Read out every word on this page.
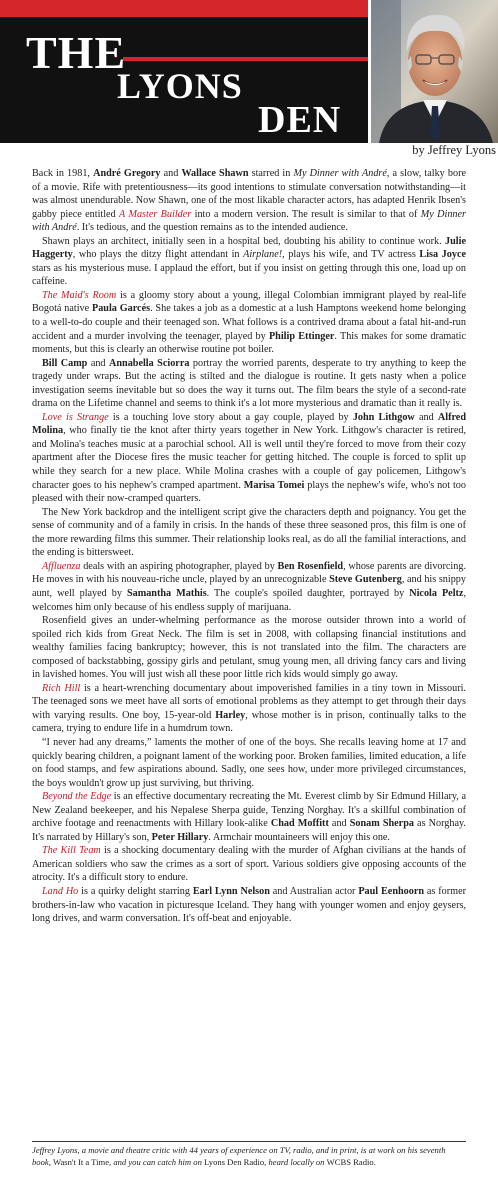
THE
LYONS
DEN
by Jeffrey Lyons

Back in 1981, André Gregory and Wallace Shawn starred in My Dinner with André, a slow, talky bore of a movie. Rife with pretentiousness—its good intentions to stimulate conversation notwithstanding—it was almost unendurable. Now Shawn, one of the most likable character actors, has adapted Henrik Ibsen's gabby piece entitled A Master Builder into a modern version. The result is similar to that of My Dinner with André. It's tedious, and the question remains as to the intended audience.

Shawn plays an architect, initially seen in a hospital bed, doubting his ability to continue work. Julie Haggerty, who plays the ditzy flight attendant in Airplane!, plays his wife, and TV actress Lisa Joyce stars as his mysterious muse. I applaud the effort, but if you insist on getting through this one, load up on caffeine.

The Maid's Room is a gloomy story about a young, illegal Colombian immigrant played by real-life Bogotá native Paula Garcés. She takes a job as a domestic at a lush Hamptons weekend home belonging to a well-to-do couple and their teenaged son. What follows is a contrived drama about a fatal hit-and-run accident and a murder involving the teenager, played by Philip Ettinger. This makes for some dramatic moments, but this is clearly an otherwise routine pot boiler.

Bill Camp and Annabella Sciorra portray the worried parents, desperate to try anything to keep the tragedy under wraps. But the acting is stilted and the dialogue is routine. It gets nasty when a police investigation seems inevitable but so does the way it turns out. The film bears the style of a second-rate drama on the Lifetime channel and seems to think it's a lot more mysterious and dramatic than it really is.

Love is Strange is a touching love story about a gay couple, played by John Lithgow and Alfred Molina, who finally tie the knot after thirty years together in New York. Lithgow's character is retired, and Molina's teaches music at a parochial school. All is well until they're forced to move from their cozy apartment after the Diocese fires the music teacher for getting hitched. The couple is forced to split up while they search for a new place. While Molina crashes with a couple of gay policemen, Lithgow's character goes to his nephew's cramped apartment. Marisa Tomei plays the nephew's wife, who's not too pleased with their now-cramped quarters.

The New York backdrop and the intelligent script give the characters depth and poignancy. You get the sense of community and of a family in crisis. In the hands of these three seasoned pros, this film is one of the more rewarding films this summer. Their relationship looks real, as do all the familial interactions, and the ending is bittersweet.

Affluenza deals with an aspiring photographer, played by Ben Rosenfield, whose parents are divorcing. He moves in with his nouveau-riche uncle, played by an unrecognizable Steve Gutenberg, and his snippy aunt, well played by Samantha Mathis. The couple's spoiled daughter, portrayed by Nicola Peltz, welcomes him only because of his endless supply of marijuana.

Rosenfield gives an under-whelming performance as the morose outsider thrown into a world of spoiled rich kids from Great Neck. The film is set in 2008, with collapsing financial institutions and wealthy families facing bankruptcy; however, this is not translated into the film. The characters are composed of backstabbing, gossipy girls and petulant, smug young men, all driving fancy cars and living in lavished homes. You will just wish all these poor little rich kids would simply go away.

Rich Hill is a heart-wrenching documentary about impoverished families in a tiny town in Missouri. The teenaged sons we meet have all sorts of emotional problems as they attempt to get through their days with varying results. One boy, 15-year-old Harley, whose mother is in prison, continually talks to the camera, trying to endure life in a humdrum town.

“I never had any dreams,” laments the mother of one of the boys. She recalls leaving home at 17 and quickly bearing children, a poignant lament of the working poor. Broken families, limited education, a life on food stamps, and few aspirations abound. Sadly, one sees how, under more privileged circumstances, the boys wouldn't grow up just surviving, but thriving.

Beyond the Edge is an effective documentary recreating the Mt. Everest climb by Sir Edmund Hillary, a New Zealand beekeeper, and his Nepalese Sherpa guide, Tenzing Norghay. It's a skillful combination of archive footage and reenactments with Hillary look-alike Chad Moffitt and Sonam Sherpa as Norghay. It's narrated by Hillary's son, Peter Hillary. Armchair mountaineers will enjoy this one.

The Kill Team is a shocking documentary dealing with the murder of Afghan civilians at the hands of American soldiers who saw the crimes as a sort of sport. Various soldiers give opposing accounts of the atrocity. It's a difficult story to endure.

Land Ho is a quirky delight starring Earl Lynn Nelson and Australian actor Paul Eenhoorn as former brothers-in-law who vacation in picturesque Iceland. They hang with younger women and enjoy geysers, long drives, and warm conversation. It's off-beat and enjoyable.

Jeffrey Lyons, a movie and theatre critic with 44 years of experience on TV, radio, and in print, is at work on his seventh book, Wasn't It a Time, and you can catch him on Lyons Den Radio, heard locally on WCBS Radio.
